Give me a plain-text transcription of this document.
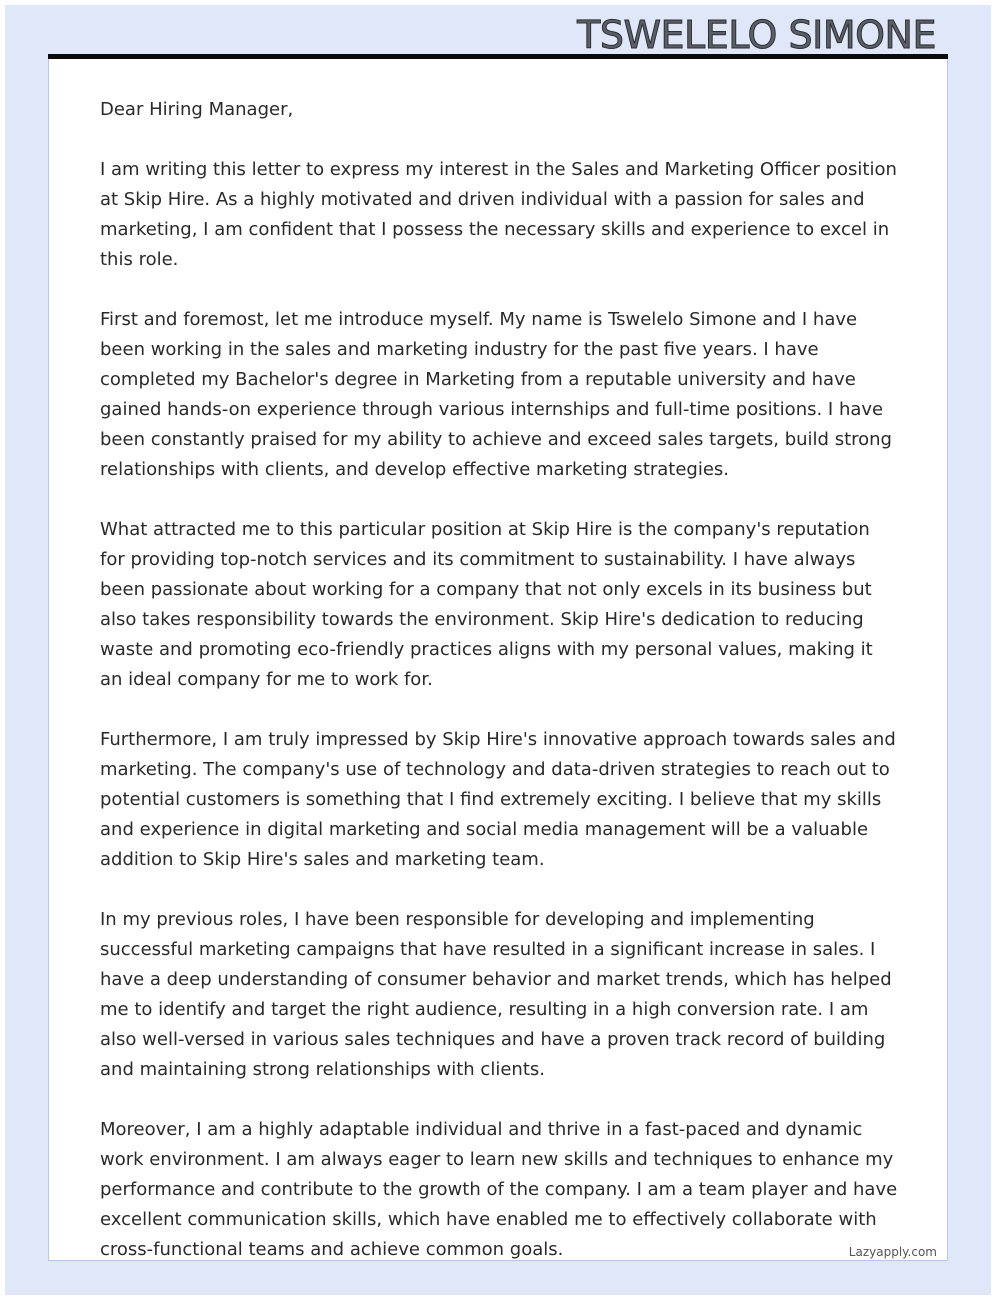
Dear Hiring Manager,

I am writing this letter to express my interest in the Sales and Marketing Officer position at Skip Hire. As a highly motivated and driven individual with a passion for sales and marketing, I am confident that I possess the necessary skills and experience to excel in this role.

First and foremost, let me introduce myself. My name is Tswelelo Simone and I have been working in the sales and marketing industry for the past five years. I have completed my Bachelor's degree in Marketing from a reputable university and have gained hands-on experience through various internships and full-time positions. I have been constantly praised for my ability to achieve and exceed sales targets, build strong relationships with clients, and develop effective marketing strategies.

What attracted me to this particular position at Skip Hire is the company's reputation for providing top-notch services and its commitment to sustainability. I have always been passionate about working for a company that not only excels in its business but also takes responsibility towards the environment. Skip Hire's dedication to reducing waste and promoting eco-friendly practices aligns with my personal values, making it an ideal company for me to work for.

Furthermore, I am truly impressed by Skip Hire's innovative approach towards sales and marketing. The company's use of technology and data-driven strategies to reach out to potential customers is something that I find extremely exciting. I believe that my skills and experience in digital marketing and social media management will be a valuable addition to Skip Hire's sales and marketing team.

In my previous roles, I have been responsible for developing and implementing successful marketing campaigns that have resulted in a significant increase in sales. I have a deep understanding of consumer behavior and market trends, which has helped me to identify and target the right audience, resulting in a high conversion rate. I am also well-versed in various sales techniques and have a proven track record of building and maintaining strong relationships with clients.

Moreover, I am a highly adaptable individual and thrive in a fast-paced and dynamic work environment. I am always eager to learn new skills and techniques to enhance my performance and contribute to the growth of the company. I am a team player and have excellent communication skills, which have enabled me to effectively collaborate with cross-functional teams and achieve common goals.

TSWELELO SIMONE
Lazyapply.com
